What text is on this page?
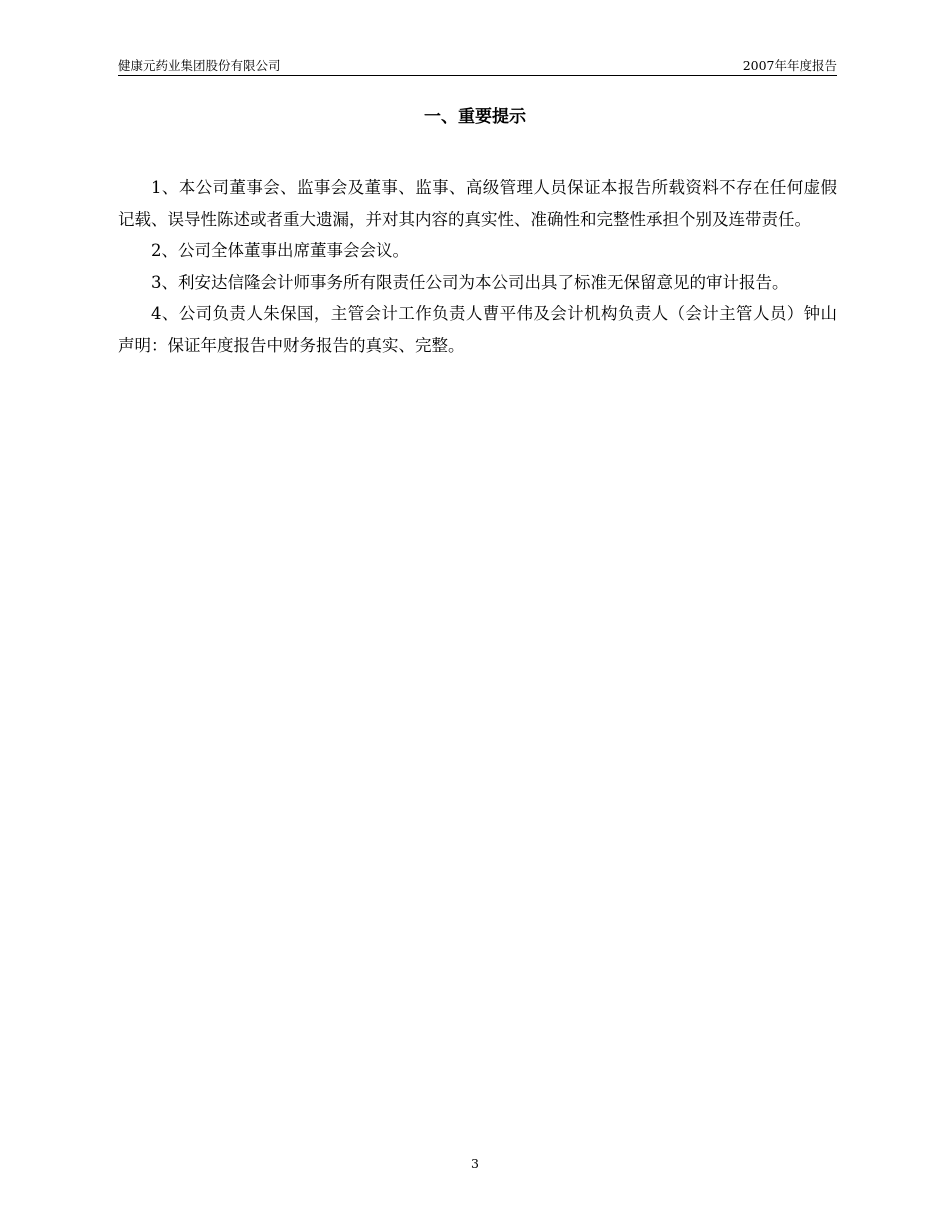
健康元药业集团股份有限公司	2007年年度报告
一、重要提示

1、本公司董事会、监事会及董事、监事、高级管理人员保证本报告所载资料不存在任何虚假记载、误导性陈述或者重大遗漏，并对其内容的真实性、准确性和完整性承担个别及连带责任。

2、公司全体董事出席董事会会议。

3、利安达信隆会计师事务所有限责任公司为本公司出具了标准无保留意见的审计报告。

4、公司负责人朱保国，主管会计工作负责人曹平伟及会计机构负责人（会计主管人员）钟山声明：保证年度报告中财务报告的真实、完整。

3
